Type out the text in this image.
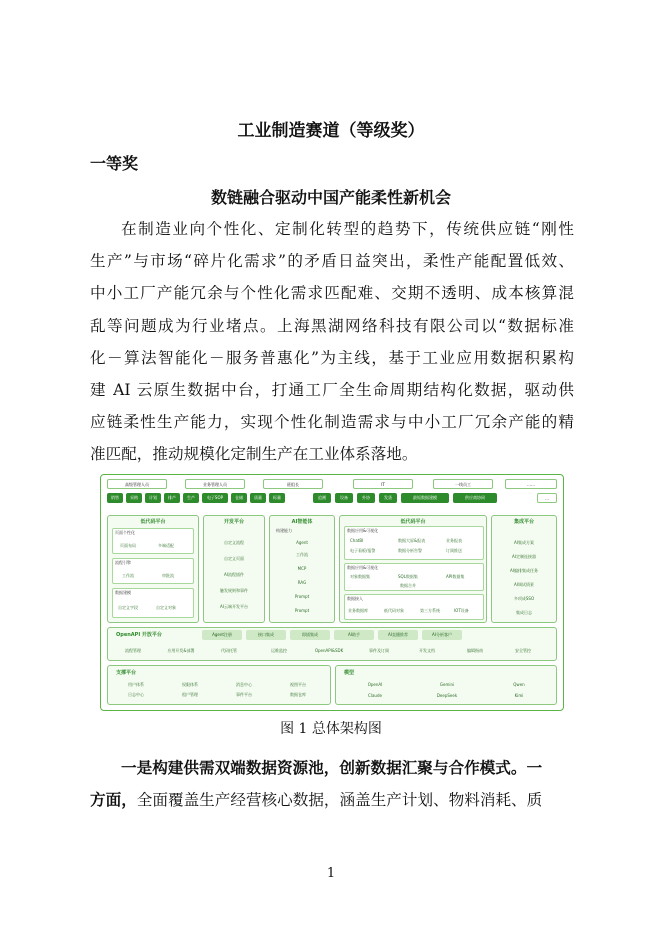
工业制造赛道（等级奖）
一等奖
数链融合驱动中国产能柔性新机会
在制造业向个性化、定制化转型的趋势下，传统供应链“刚性
生产”与市场“碎片化需求”的矛盾日益突出，柔性产能配置低效、
中小工厂产能冗余与个性化需求匹配难、交期不透明、成本核算混
乱等问题成为行业堵点。上海黑湖网络科技有限公司以“数据标准
化－算法智能化－服务普惠化”为主线，基于工业应用数据积累构
建 AI 云原生数据中台，打通工厂全生命周期结构化数据，驱动供
应链柔性生产能力，实现个性化制造需求与中小工厂冗余产能的精
准匹配，推动规模化定制生产在工业体系落地。
高级管理人员	业务管理人员	班组长	IT	一线员工	……
销售	采购	计划	排产	生产	电子SOP	仓储	质量	标量	追溯	设备	外协	发货	最短数据建模	供应商协同	…
低代码平台
页面个性化
页面布局	多端适配
流程引擎
工作流	审批流
数据建模
自定义字段	自定义对象
开发平台
自定义流程
自定义页面
AI流程插件
触发规则和事件
AI云端开发平台
AI智能体
构建能力
Agent
工作流
MCP
RAG
Prompt
Prompt
低代码平台
数据应用&可视化
ChatBI	数据大屏&报表	业务报表
电子看板/报警	数据分析告警	订阅推送
数据应用&可视化
对象数据集	SQL数据集	API数据集
数据合并
数据接入
业务数据库	低代码对象	第三方系统	IOT设备
集成平台
AI集成方案
AI定制连接器
AI编排集成任务
AI调试情景
多项成SSO
集成日志
OpenAPI 开放平台	Agent注册	接口集成	即插集成	AI助手	AI直播推荐	AI分析客户
流程管理	应用开发&部署	代码托管	运维监控	OpenAPI&SDK	事件及订阅	开发文档	编辑指南	安全管控
支撑平台
用户体系	权限体系	消息中心	视图平台
日志中心	租户管理	事件平台	数据仓库
模型
OpenAI	Gemini	Qwen
Claude	DeepSeek	Kimi
图 1 总体架构图
一是构建供需双端数据资源池，创新数据汇聚与合作模式。一
方面，全面覆盖生产经营核心数据，涵盖生产计划、物料消耗、质
1
